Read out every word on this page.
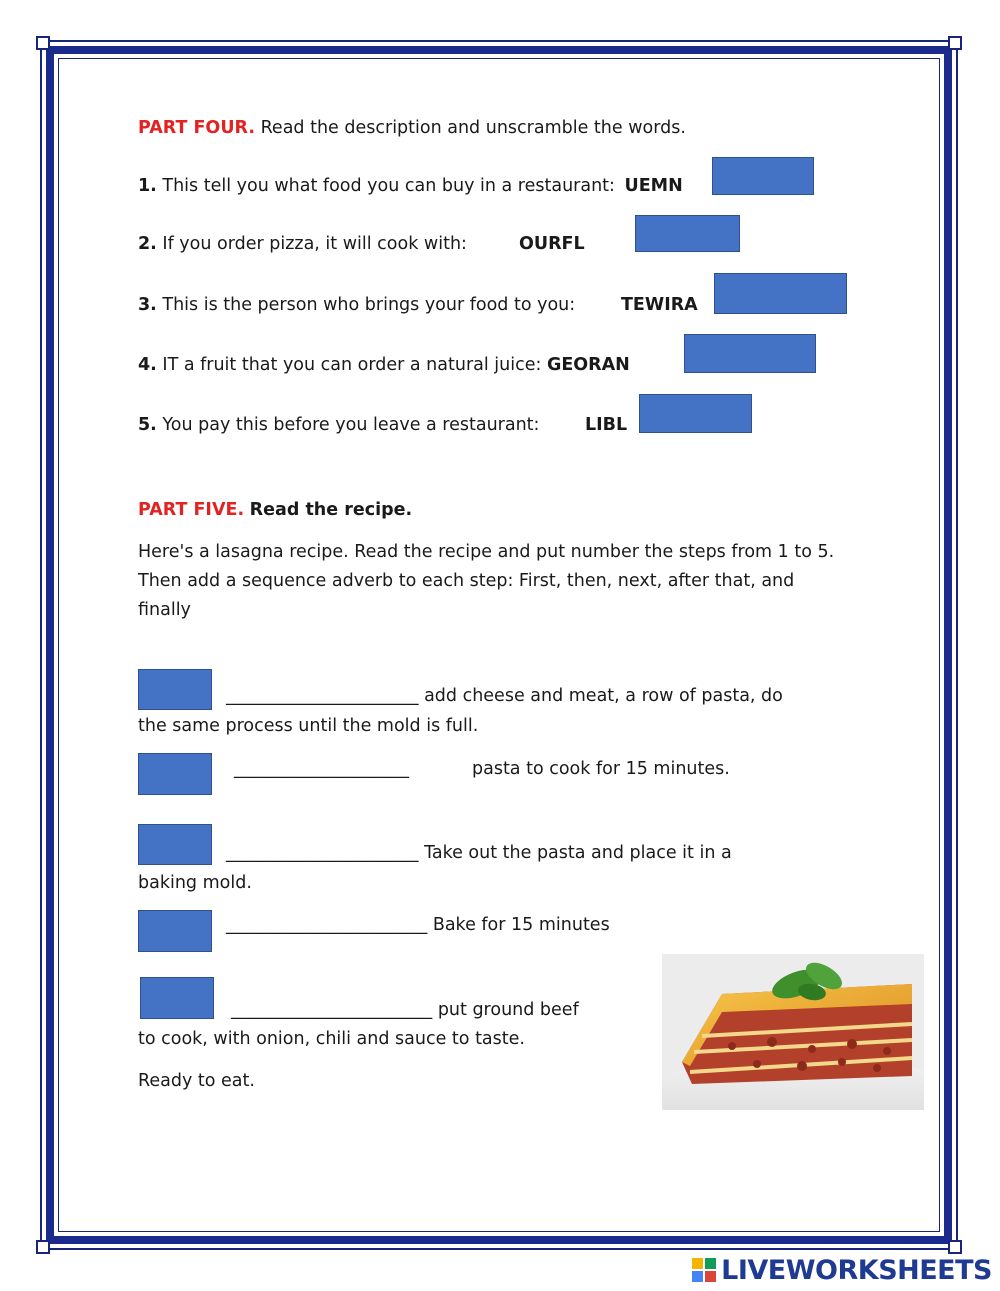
PART FOUR. Read the description and unscramble the words.
1. This tell you what food you can buy in a restaurant: UEMN
2. If you order pizza, it will cook with:	OURFL
3. This is the person who brings your food to you:	TEWIRA
4. IT a fruit that you can order a natural juice: GEORAN
5. You pay this before you leave a restaurant:	LIBL
PART FIVE. Read the recipe.
Here's a lasagna recipe. Read the recipe and put number the steps from 1 to 5.
Then add a sequence adverb to each step: First, then, next, after that, and
finally
______________________ add cheese and meat, a row of pasta, do
the same process until the mold is full.
____________________	pasta to cook for 15 minutes.
______________________ Take out the pasta and place it in a
baking mold.
_______________________ Bake for 15 minutes
_______________________ put ground beef
to cook, with onion, chili and sauce to taste.
Ready to eat.
LIVEWORKSHEETS
